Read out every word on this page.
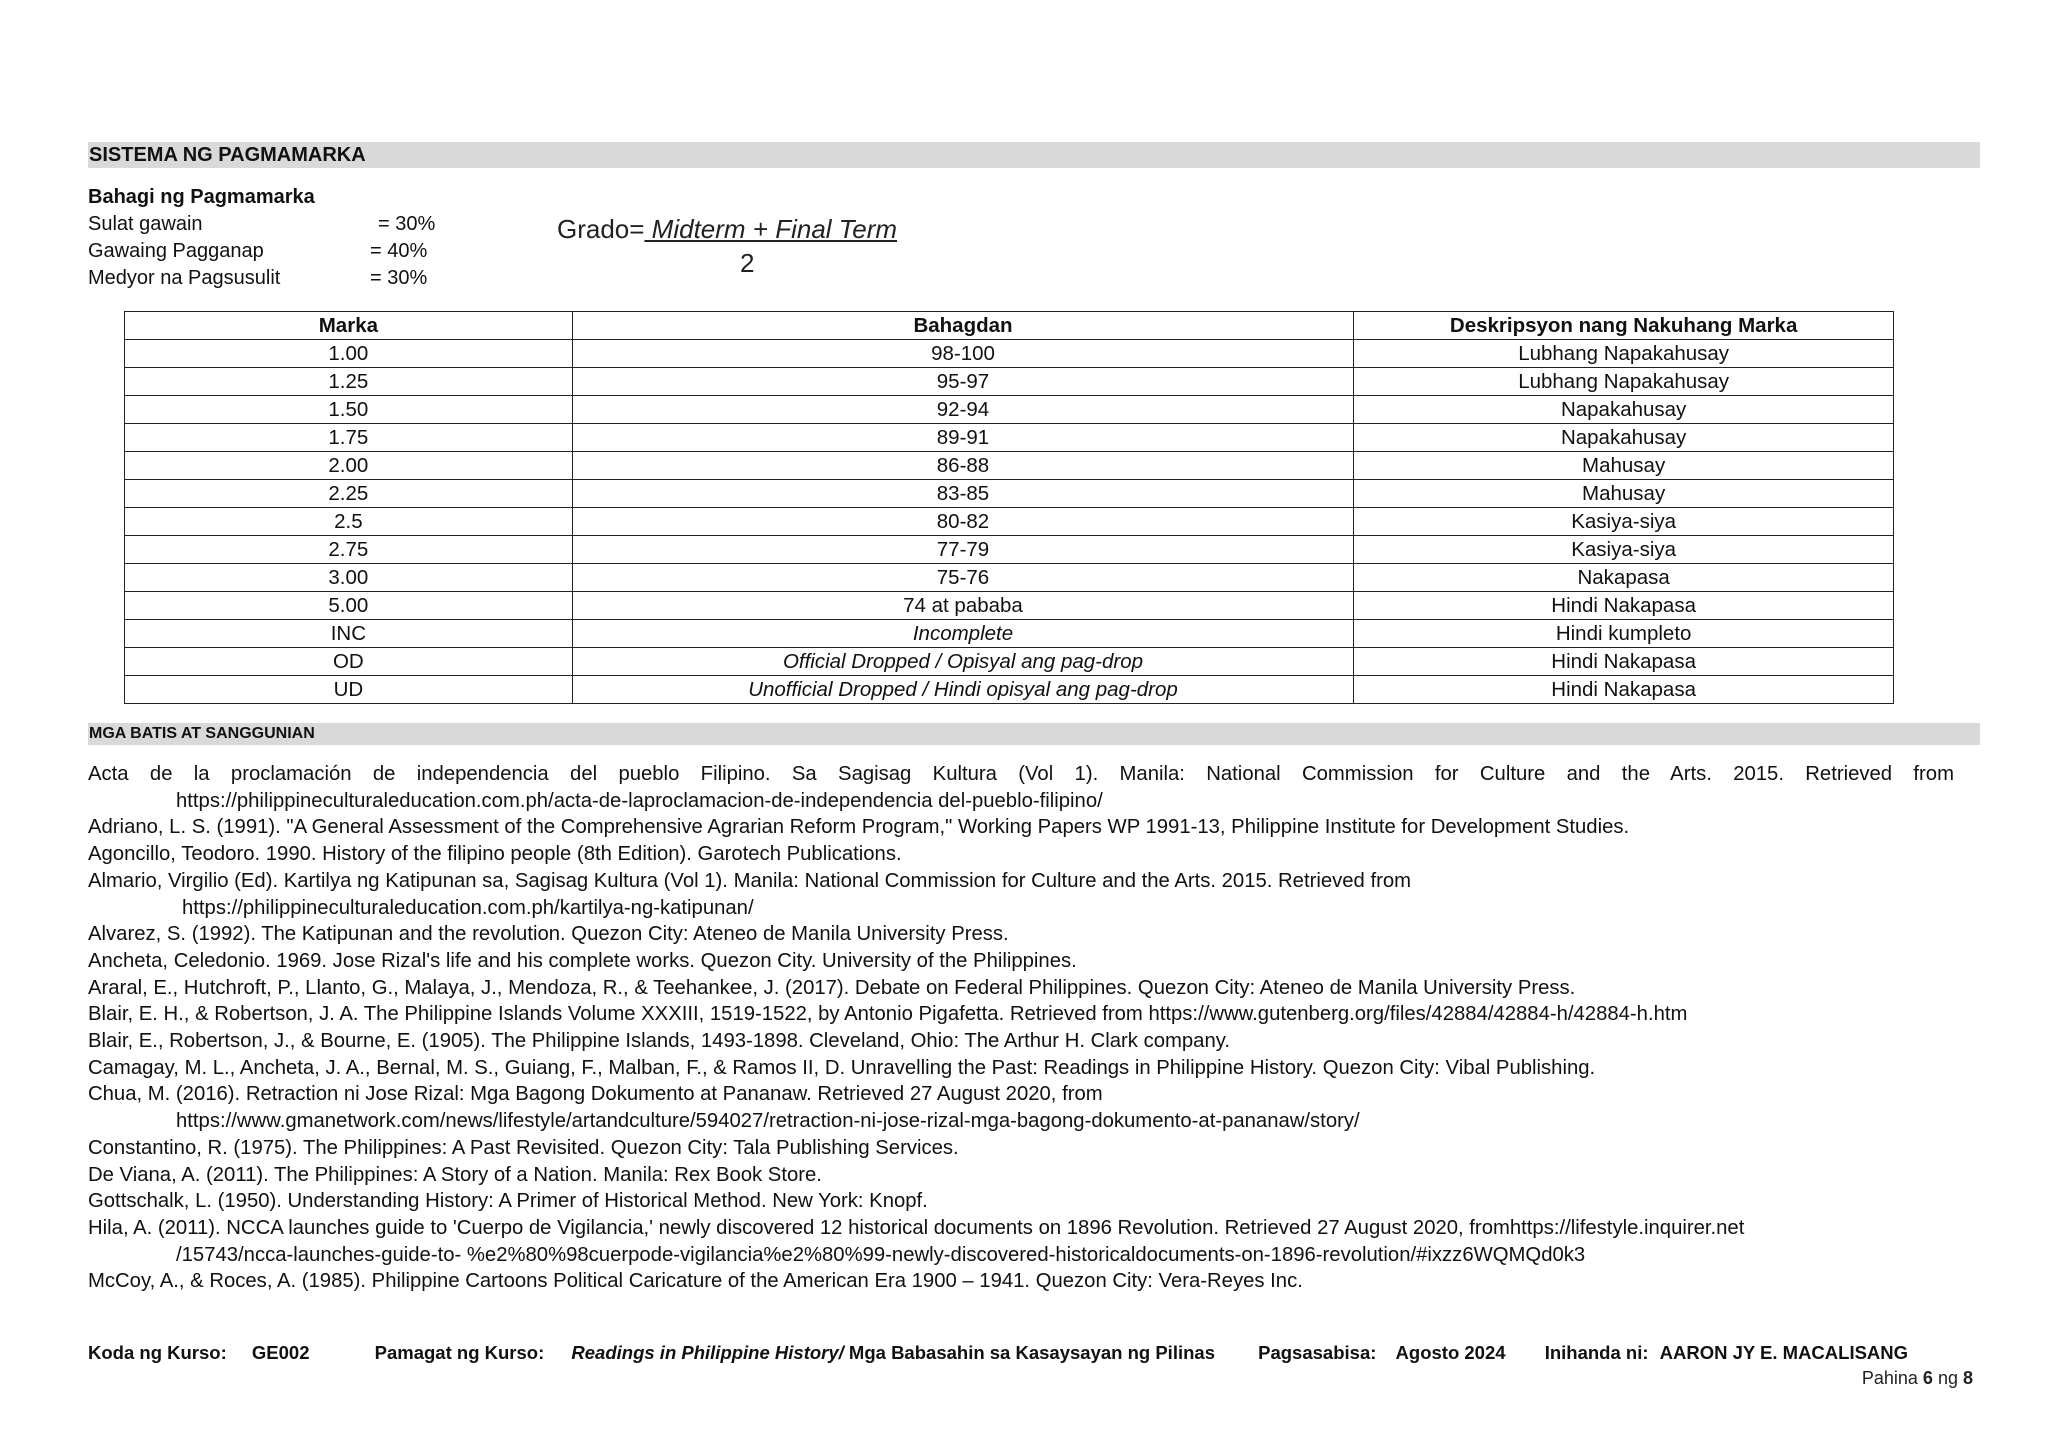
SISTEMA NG PAGMAMARKA
Bahagi ng Pagmamarka
Sulat gawain	= 30%
Gawaing Pagganap	= 40%
Medyor na Pagsusulit	= 30%
Grado= Midterm + Final Term
2
Marka	Bahagdan	Deskripsyon nang Nakuhang Marka
1.00	98-100	Lubhang Napakahusay
1.25	95-97	Lubhang Napakahusay
1.50	92-94	Napakahusay
1.75	89-91	Napakahusay
2.00	86-88	Mahusay
2.25	83-85	Mahusay
2.5	80-82	Kasiya-siya
2.75	77-79	Kasiya-siya
3.00	75-76	Nakapasa
5.00	74 at pababa	Hindi Nakapasa
INC	Incomplete	Hindi kumpleto
OD	Official Dropped / Opisyal ang pag-drop	Hindi Nakapasa
UD	Unofficial Dropped / Hindi opisyal ang pag-drop	Hindi Nakapasa
MGA BATIS AT SANGGUNIAN
Acta de la proclamación de independencia del pueblo Filipino. Sa Sagisag Kultura (Vol 1). Manila: National Commission for Culture and the Arts. 2015. Retrieved from
https://philippineculturaleducation.com.ph/acta-de-laproclamacion-de-independencia del-pueblo-filipino/
Adriano, L. S. (1991). "A General Assessment of the Comprehensive Agrarian Reform Program," Working Papers WP 1991-13, Philippine Institute for Development Studies.
Agoncillo, Teodoro. 1990. History of the filipino people (8th Edition). Garotech Publications.
Almario, Virgilio (Ed). Kartilya ng Katipunan sa, Sagisag Kultura (Vol 1). Manila: National Commission for Culture and the Arts. 2015. Retrieved from
https://philippineculturaleducation.com.ph/kartilya-ng-katipunan/
Alvarez, S. (1992). The Katipunan and the revolution. Quezon City: Ateneo de Manila University Press.
Ancheta, Celedonio. 1969. Jose Rizal's life and his complete works. Quezon City. University of the Philippines.
Araral, E., Hutchroft, P., Llanto, G., Malaya, J., Mendoza, R., & Teehankee, J. (2017). Debate on Federal Philippines. Quezon City: Ateneo de Manila University Press.
Blair, E. H., & Robertson, J. A. The Philippine Islands Volume XXXIII, 1519-1522, by Antonio Pigafetta. Retrieved from https://www.gutenberg.org/files/42884/42884-h/42884-h.htm
Blair, E., Robertson, J., & Bourne, E. (1905). The Philippine Islands, 1493-1898. Cleveland, Ohio: The Arthur H. Clark company.
Camagay, M. L., Ancheta, J. A., Bernal, M. S., Guiang, F., Malban, F., & Ramos II, D. Unravelling the Past: Readings in Philippine History. Quezon City: Vibal Publishing.
Chua, M. (2016). Retraction ni Jose Rizal: Mga Bagong Dokumento at Pananaw. Retrieved 27 August 2020, from
https://www.gmanetwork.com/news/lifestyle/artandculture/594027/retraction-ni-jose-rizal-mga-bagong-dokumento-at-pananaw/story/
Constantino, R. (1975). The Philippines: A Past Revisited. Quezon City: Tala Publishing Services.
De Viana, A. (2011). The Philippines: A Story of a Nation. Manila: Rex Book Store.
Gottschalk, L. (1950). Understanding History: A Primer of Historical Method. New York: Knopf.
Hila, A. (2011). NCCA launches guide to 'Cuerpo de Vigilancia,' newly discovered 12 historical documents on 1896 Revolution. Retrieved 27 August 2020, fromhttps://lifestyle.inquirer.net
/15743/ncca-launches-guide-to- %e2%80%98cuerpode-vigilancia%e2%80%99-newly-discovered-historicaldocuments-on-1896-revolution/#ixzz6WQMQd0k3
McCoy, A., & Roces, A. (1985). Philippine Cartoons Political Caricature of the American Era 1900 – 1941. Quezon City: Vera-Reyes Inc.
Koda ng Kurso: GE002	Pamagat ng Kurso: Readings in Philippine History/ Mga Babasahin sa Kasaysayan ng Pilinas Pagsasabisa: Agosto 2024 Inihanda ni: AARON JY E. MACALISANG
Pahina 6 ng 8
